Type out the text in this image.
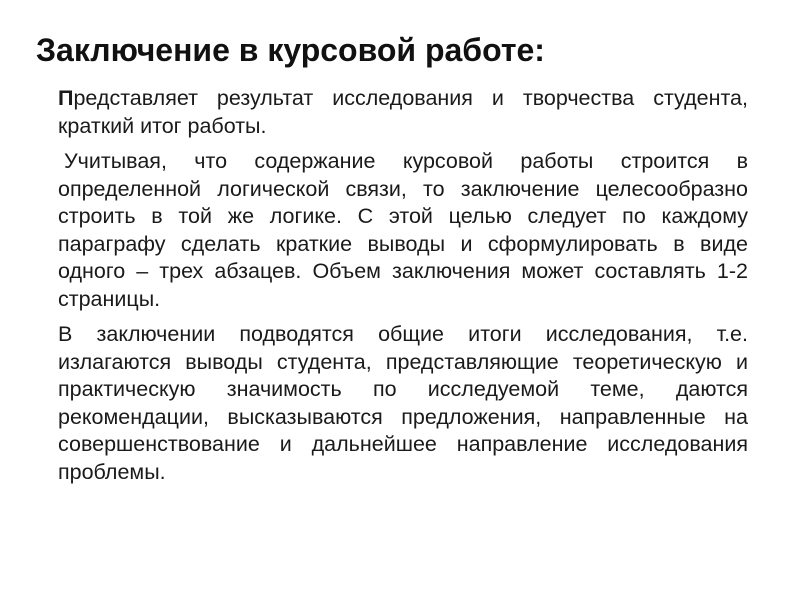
Заключение в курсовой работе:

Представляет результат исследования и творчества студента, краткий итог работы.

Учитывая, что содержание курсовой работы строится в определенной логической связи, то заключение целесообразно строить в той же логике. С этой целью следует по каждому параграфу сделать краткие выводы и сформулировать в виде одного – трех абзацев. Объем заключения может составлять 1-2 страницы.

В заключении подводятся общие итоги исследования, т.е. излагаются выводы студента, представляющие теоретическую и практическую значимость по исследуемой теме, даются рекомендации, высказываются предложения, направленные на совершенствование и дальнейшее направление исследования проблемы.
